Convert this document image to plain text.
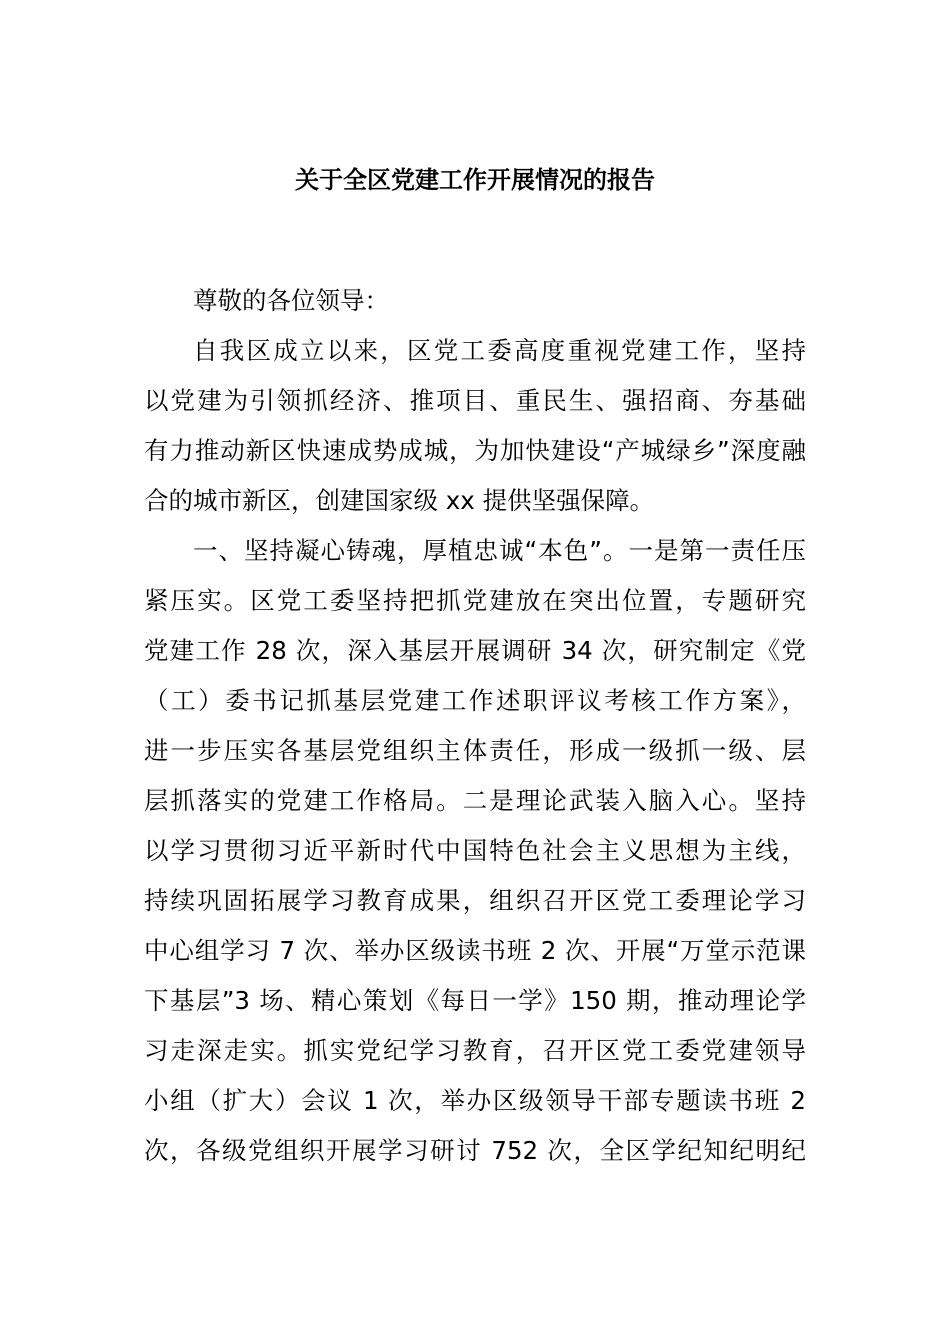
关于全区党建工作开展情况的报告
尊敬的各位领导：
自我区成立以来，区党工委高度重视党建工作，坚持
以党建为引领抓经济、推项目、重民生、强招商、夯基础
有力推动新区快速成势成城，为加快建设“产城绿乡”深度融
合的城市新区，创建国家级 xx 提供坚强保障。
一、坚持凝心铸魂，厚植忠诚“本色”。一是第一责任压
紧压实。区党工委坚持把抓党建放在突出位置，专题研究
党建工作 28 次，深入基层开展调研 34 次，研究制定《党
（工）委书记抓基层党建工作述职评议考核工作方案》，
进一步压实各基层党组织主体责任，形成一级抓一级、层
层抓落实的党建工作格局。二是理论武装入脑入心。坚持
以学习贯彻习近平新时代中国特色社会主义思想为主线，
持续巩固拓展学习教育成果，组织召开区党工委理论学习
中心组学习 7 次、举办区级读书班 2 次、开展“万堂示范课
下基层”3 场、精心策划《每日一学》150 期，推动理论学
习走深走实。抓实党纪学习教育，召开区党工委党建领导
小组（扩大）会议 1 次，举办区级领导干部专题读书班 2
次，各级党组织开展学习研讨 752 次，全区学纪知纪明纪
